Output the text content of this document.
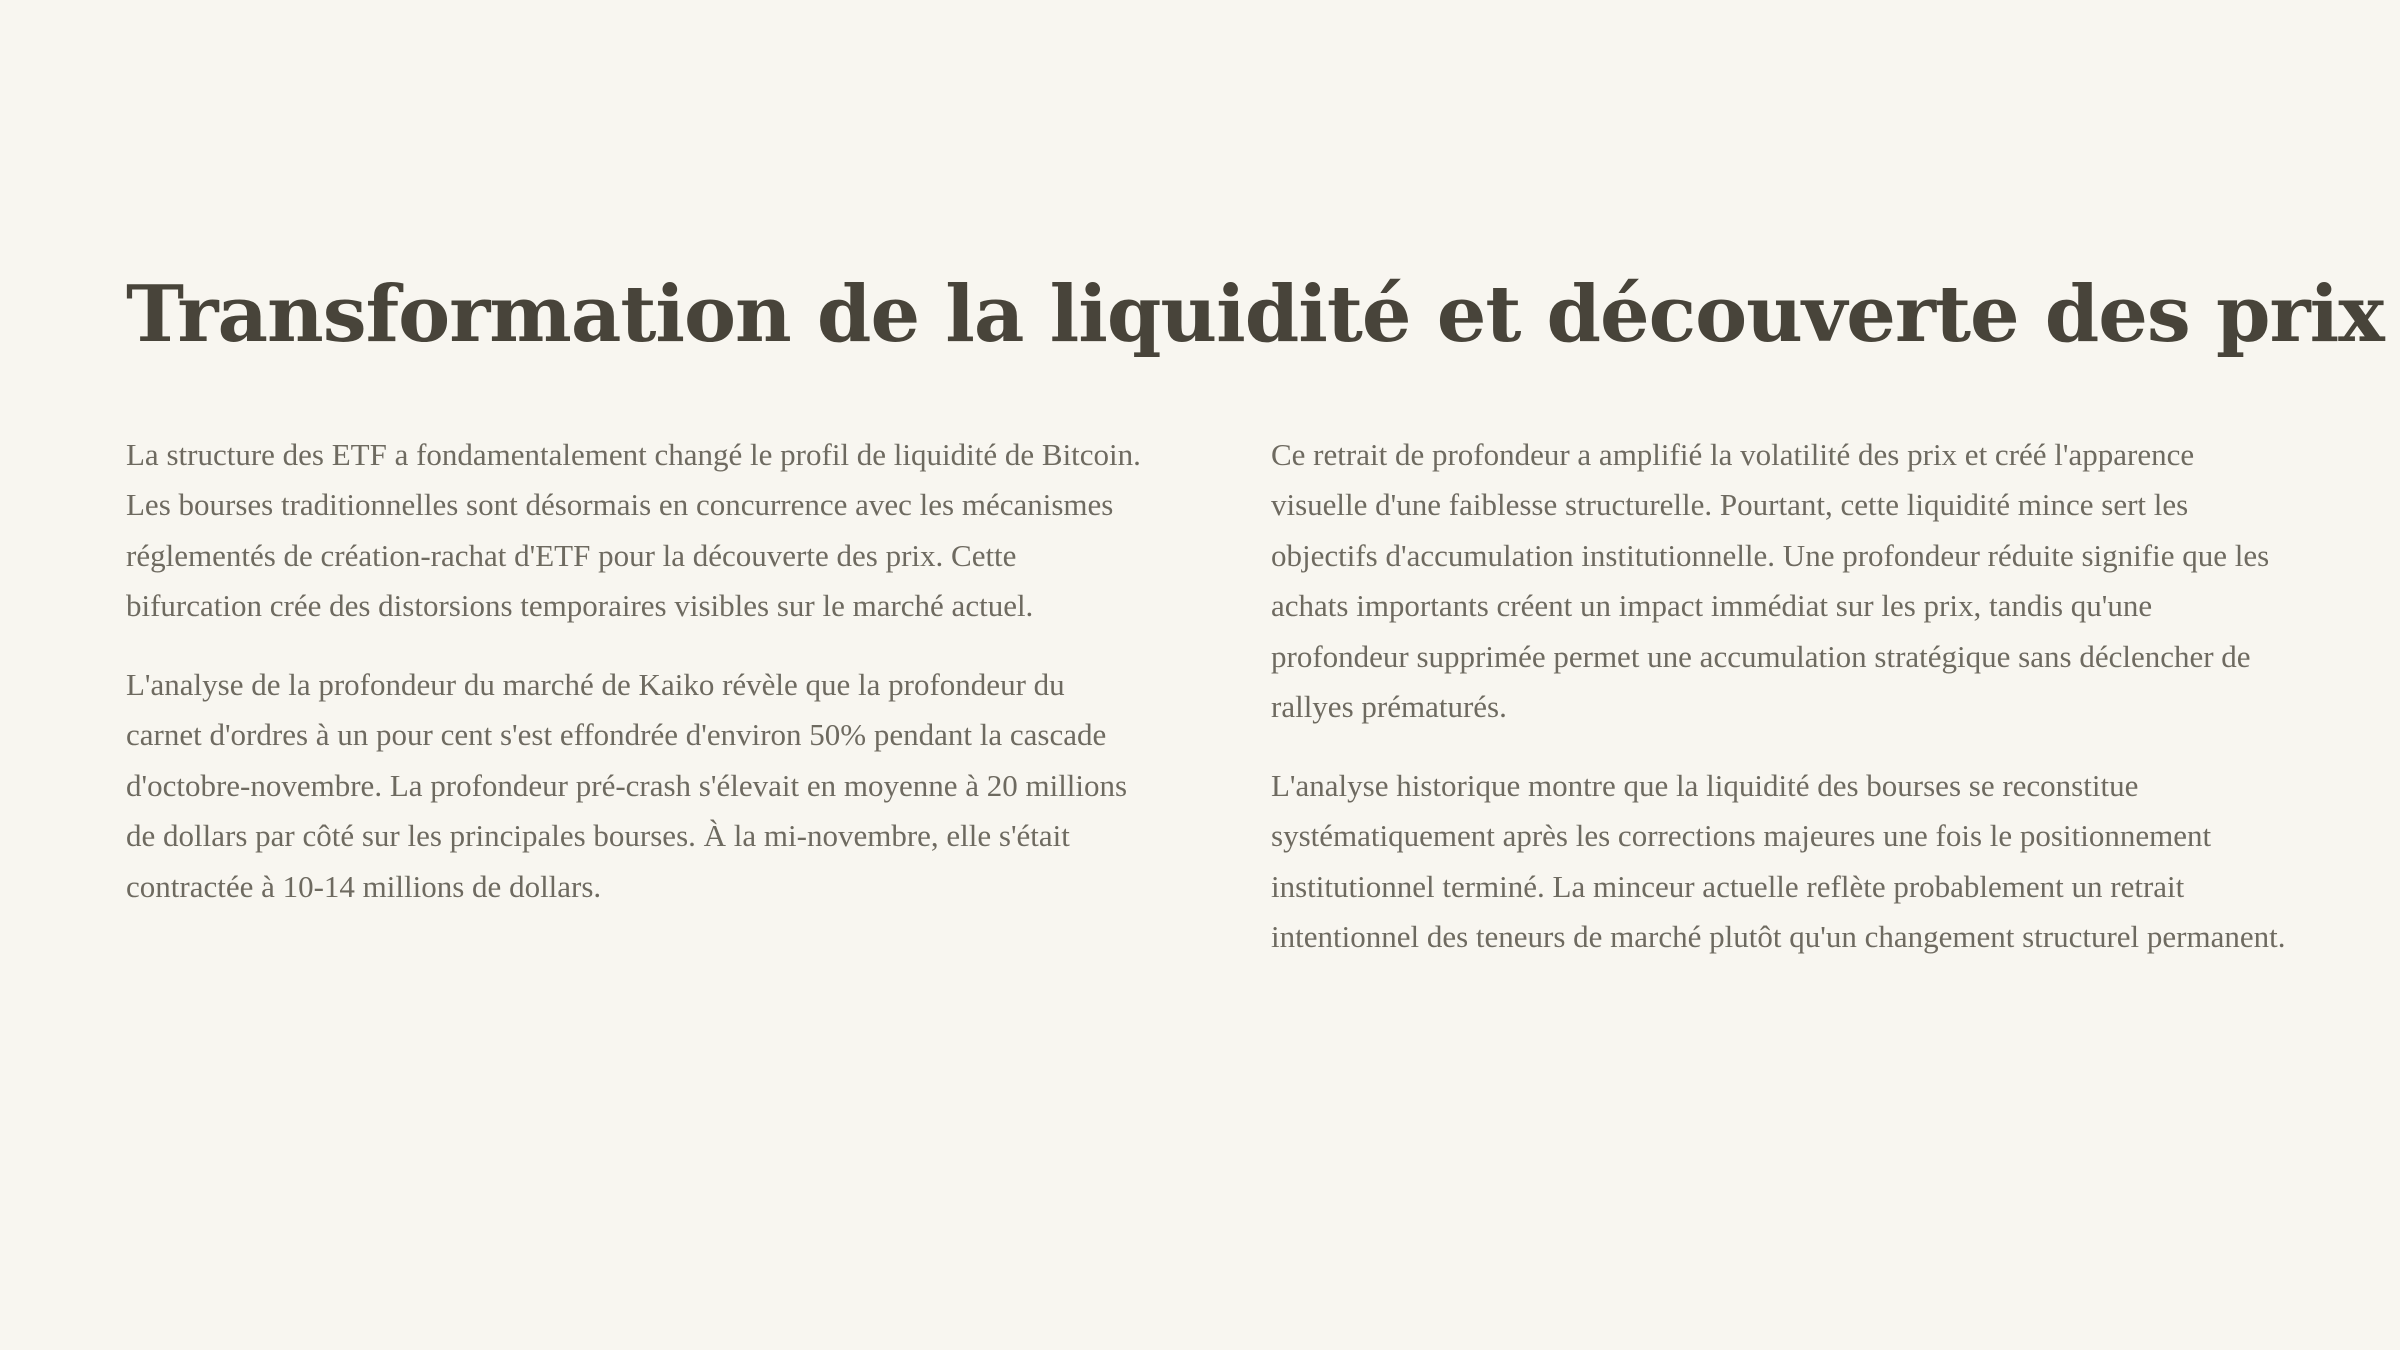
Transformation de la liquidité et découverte des prix

La structure des ETF a fondamentalement changé le profil de liquidité de Bitcoin. Les bourses traditionnelles sont désormais en concurrence avec les mécanismes réglementés de création-rachat d'ETF pour la découverte des prix. Cette bifurcation crée des distorsions temporaires visibles sur le marché actuel.

L'analyse de la profondeur du marché de Kaiko révèle que la profondeur du carnet d'ordres à un pour cent s'est effondrée d'environ 50% pendant la cascade d'octobre-novembre. La profondeur pré-crash s'élevait en moyenne à 20 millions de dollars par côté sur les principales bourses. À la mi-novembre, elle s'était contractée à 10-14 millions de dollars.

Ce retrait de profondeur a amplifié la volatilité des prix et créé l'apparence visuelle d'une faiblesse structurelle. Pourtant, cette liquidité mince sert les objectifs d'accumulation institutionnelle. Une profondeur réduite signifie que les achats importants créent un impact immédiat sur les prix, tandis qu'une profondeur supprimée permet une accumulation stratégique sans déclencher de rallyes prématurés.

L'analyse historique montre que la liquidité des bourses se reconstitue systématiquement après les corrections majeures une fois le positionnement institutionnel terminé. La minceur actuelle reflète probablement un retrait intentionnel des teneurs de marché plutôt qu'un changement structurel permanent.
